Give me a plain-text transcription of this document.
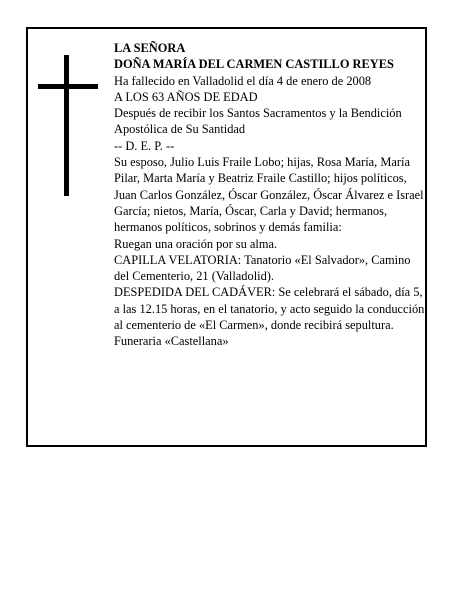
LA SEÑORA

DOÑA MARÍA DEL CARMEN CASTILLO REYES

Ha fallecido en Valladolid el día 4 de enero de 2008

A LOS 63 AÑOS DE EDAD

Después de recibir los Santos Sacramentos y la Bendición Apostólica de Su Santidad

-- D. E. P. --

Su esposo, Julio Luis Fraile Lobo; hijas, Rosa María, María Pilar, Marta María y Beatriz Fraile Castillo; hijos políticos, Juan Carlos González, Óscar González, Óscar Álvarez e Israel García; nietos, María, Óscar, Carla y David; hermanos, hermanos políticos, sobrinos y demás familia:

Ruegan una oración por su alma.

CAPILLA VELATORIA: Tanatorio «El Salvador», Camino del Cementerio, 21 (Valladolid).

DESPEDIDA DEL CADÁVER: Se celebrará el sábado, día 5, a las 12.15 horas, en el tanatorio, y acto seguido la conducción al cementerio de «El Carmen», donde recibirá sepultura.

Funeraria «Castellana»
